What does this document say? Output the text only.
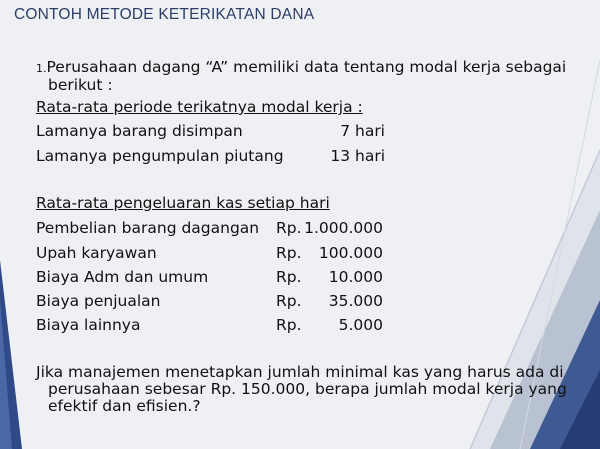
CONTOH METODE KETERIKATAN DANA
1.Perusahaan dagang “A” memiliki data tentang modal kerja sebagai
berikut :
Rata-rata periode terikatnya modal kerja :
Lamanya barang disimpan	7 hari
Lamanya pengumpulan piutang	13 hari
Rata-rata pengeluaran kas setiap hari
Pembelian barang dagangan Rp. 1.000.000
Upah karyawan	Rp.	100.000
Biaya Adm dan umum	Rp.	10.000
Biaya penjualan	Rp.	35.000
Biaya lainnya	Rp.	5.000
Jika manajemen menetapkan jumlah minimal kas yang harus ada di
perusahaan sebesar Rp. 150.000, berapa jumlah modal kerja yang
efektif dan efisien.?
